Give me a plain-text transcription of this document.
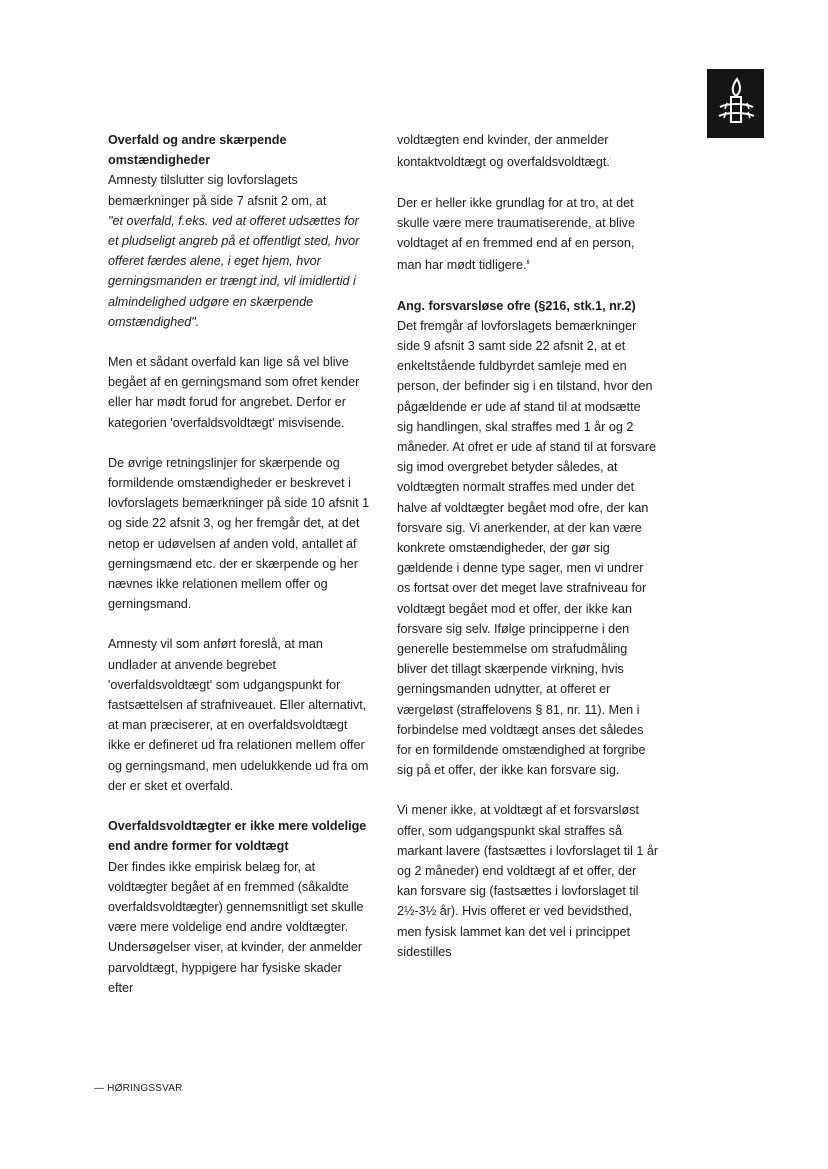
Overfald og andre skærpende omstændigheder
Amnesty tilslutter sig lovforslagets bemærkninger på side 7 afsnit 2 om, at
"et overfald, f.eks. ved at offeret udsættes for et pludseligt angreb på et offentligt sted, hvor offeret færdes alene, i eget hjem, hvor gerningsmanden er trængt ind, vil imidlertid i almindelighed udgøre en skærpende omstændighed".
Men et sådant overfald kan lige så vel blive begået af en gerningsmand som ofret kender eller har mødt forud for angrebet. Derfor er kategorien 'overfaldsvoldtægt' misvisende.
De øvrige retningslinjer for skærpende og formildende omstændigheder er beskrevet i lovforslagets bemærkninger på side 10 afsnit 1 og side 22 afsnit 3, og her fremgår det, at det netop er udøvelsen af anden vold, antallet af gerningsmænd etc. der er skærpende og her nævnes ikke relationen mellem offer og gerningsmand.
Amnesty vil som anført foreslå, at man undlader at anvende begrebet 'overfaldsvoldtægt' som udgangspunkt for fastsættelsen af strafniveauet. Eller alternativt, at man præciserer, at en overfaldsvoldtægt ikke er defineret ud fra relationen mellem offer og gerningsmand, men udelukkende ud fra om der er sket et overfald.
Overfaldsvoldtægter er ikke mere voldelige end andre former for voldtægt
Der findes ikke empirisk belæg for, at voldtægter begået af en fremmed (såkaldte overfaldsvoldtægter) gennemsnitligt set skulle være mere voldelige end andre voldtægter. Undersøgelser viser, at kvinder, der anmelder parvoldtægt, hyppigere har fysiske skader efter
voldtægten end kvinder, der anmelder kontaktvoldtægt og overfaldsvoldtægt.$^i$
Der er heller ikke grundlag for at tro, at det skulle være mere traumatiserende, at blive voldtaget af en fremmed end af en person, man har mødt tidligere.$^{ii}$
Ang. forsvarsløse ofre (§216, stk.1, nr.2)
Det fremgår af lovforslagets bemærkninger side 9 afsnit 3 samt side 22 afsnit 2, at et enkeltstående fuldbyrdet samleje med en person, der befinder sig i en tilstand, hvor den pågældende er ude af stand til at modsætte sig handlingen, skal straffes med 1 år og 2 måneder. At ofret er ude af stand til at forsvare sig imod overgrebet betyder således, at voldtægten normalt straffes med under det halve af voldtægter begået mod ofre, der kan forsvare sig. Vi anerkender, at der kan være konkrete omstændigheder, der gør sig gældende i denne type sager, men vi undrer os fortsat over det meget lave strafniveau for voldtægt begået mod et offer, der ikke kan forsvare sig selv. Ifølge principperne i den generelle bestemmelse om strafudmåling bliver det tillagt skærpende virkning, hvis gerningsmanden udnytter, at offeret er værgeløst (straffelovens § 81, nr. 11). Men i forbindelse med voldtægt anses det således for en formildende omstændighed at forgribe sig på et offer, der ikke kan forsvare sig.
Vi mener ikke, at voldtægt af et forsvarsløst offer, som udgangspunkt skal straffes så markant lavere (fastsættes i lovforslaget til 1 år og 2 måneder) end voldtægt af et offer, der kan forsvare sig (fastsættes i lovforslaget til 2½-3½ år). Hvis offeret er ved bevidsthed, men fysisk lammet kan det vel i princippet sidestilles
— HØRINGSSVAR
